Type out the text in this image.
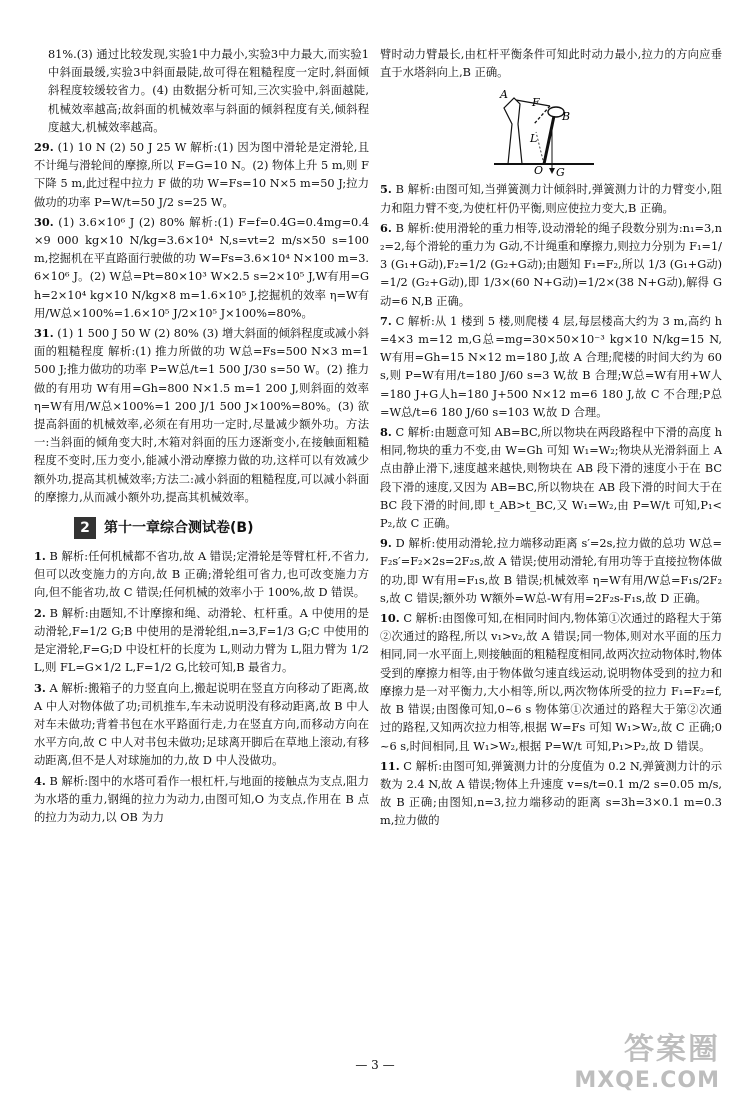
81%.(3) 通过比较发现,实验1中力最小,实验3中力最大,而实验1中斜面最缓,实验3中斜面最陡,故可得在粗糙程度一定时,斜面倾斜程度较缓较省力。(4) 由数据分析可知,三次实验中,斜面越陡,机械效率越高;故斜面的机械效率与斜面的倾斜程度有关,倾斜程度越大,机械效率越高。

29. (1) 10 N (2) 50 J 25 W 解析:(1) 因为图中滑轮是定滑轮,且不计绳与滑轮间的摩擦,所以 F=G=10 N。(2) 物体上升 5 m,则 F 下降 5 m,此过程中拉力 F 做的功 W=Fs=10 N×5 m=50 J;拉力做功的功率 P=W/t=50 J/2 s=25 W。

30. (1) 3.6×10⁶ J (2) 80% 解析:(1) F=f=0.4G=0.4mg=0.4×9 000 kg×10 N/kg=3.6×10⁴ N,s=vt=2 m/s×50 s=100 m,挖掘机在平直路面行驶做的功 W=Fs=3.6×10⁴ N×100 m=3.6×10⁶ J。(2) W总=Pt=80×10³ W×2.5 s=2×10⁵ J,W有用=Gh=2×10⁴ kg×10 N/kg×8 m=1.6×10⁵ J,挖掘机的效率 η=W有用/W总×100%=1.6×10⁵ J/2×10⁵ J×100%=80%。

31. (1) 1 500 J 50 W (2) 80% (3) 增大斜面的倾斜程度或减小斜面的粗糙程度 解析:(1) 推力所做的功 W总=Fs=500 N×3 m=1 500 J;推力做功的功率 P=W总/t=1 500 J/30 s=50 W。(2) 推力做的有用功 W有用=Gh=800 N×1.5 m=1 200 J,则斜面的效率 η=W有用/W总×100%=1 200 J/1 500 J×100%=80%。(3) 欲提高斜面的机械效率,必须在有用功一定时,尽量减少额外功。方法一:当斜面的倾角变大时,木箱对斜面的压力逐渐变小,在接触面粗糙程度不变时,压力变小,能减小滑动摩擦力做的功,这样可以有效减少额外功,提高其机械效率;方法二:减小斜面的粗糙程度,可以减小斜面的摩擦力,从而减小额外功,提高其机械效率。

2	第十一章综合测试卷(B)

1. B 解析:任何机械都不省功,故 A 错误;定滑轮是等臂杠杆,不省力,但可以改变施力的方向,故 B 正确;滑轮组可省力,也可改变施力方向,但不能省功,故 C 错误;任何机械的效率小于 100%,故 D 错误。

2. B 解析:由题知,不计摩擦和绳、动滑轮、杠杆重。A 中使用的是动滑轮,F=1/2 G;B 中使用的是滑轮组,n=3,F=1/3 G;C 中使用的是定滑轮,F=G;D 中设杠杆的长度为 L,则动力臂为 L,阻力臂为 1/2 L,则 FL=G×1/2 L,F=1/2 G,比较可知,B 最省力。

3. A 解析:搬箱子的力竖直向上,搬起说明在竖直方向移动了距离,故 A 中人对物体做了功;司机推车,车未动说明没有移动距离,故 B 中人对车未做功;背着书包在水平路面行走,力在竖直方向,而移动方向在水平方向,故 C 中人对书包未做功;足球离开脚后在草地上滚动,有移动距离,但不是人对球施加的力,故 D 中人没做功。

4. B 解析:图中的水塔可看作一根杠杆,与地面的接触点为支点,阻力为水塔的重力,钢绳的拉力为动力,由图可知,O 为支点,作用在 B 点的拉力为动力,以 OB 为力

臂时动力臂最长,由杠杆平衡条件可知此时动力最小,拉力的方向应垂直于水塔斜向上,B 正确。

A
F
L
B
O G

5. B 解析:由图可知,当弹簧测力计倾斜时,弹簧测力计的力臂变小,阻力和阻力臂不变,为使杠杆仍平衡,则应使拉力变大,B 正确。

6. B 解析:使用滑轮的重力相等,设动滑轮的绳子段数分别为:n₁=3,n₂=2,每个滑轮的重力为 G动,不计绳重和摩擦力,则拉力分别为 F₁=1/3 (G₁+G动),F₂=1/2 (G₂+G动);由题知 F₁=F₂,所以 1/3 (G₁+G动)=1/2 (G₂+G动),即 1/3×(60 N+G动)=1/2×(38 N+G动),解得 G动=6 N,B 正确。

7. C 解析:从 1 楼到 5 楼,则爬楼 4 层,每层楼高大约为 3 m,高约 h=4×3 m=12 m,G总=mg=30×50×10⁻³ kg×10 N/kg=15 N,W有用=Gh=15 N×12 m=180 J,故 A 合理;爬楼的时间大约为 60 s,则 P=W有用/t=180 J/60 s=3 W,故 B 合理;W总=W有用+W人=180 J+G人h=180 J+500 N×12 m=6 180 J,故 C 不合理;P总=W总/t=6 180 J/60 s=103 W,故 D 合理。

8. C 解析:由题意可知 AB=BC,所以物块在两段路程中下滑的高度 h 相同,物块的重力不变,由 W=Gh 可知 W₁=W₂;物块从光滑斜面上 A 点由静止滑下,速度越来越快,则物块在 AB 段下滑的速度小于在 BC 段下滑的速度,又因为 AB=BC,所以物块在 AB 段下滑的时间大于在 BC 段下滑的时间,即 t_AB>t_BC,又 W₁=W₂,由 P=W/t 可知,P₁<P₂,故 C 正确。

9. D 解析:使用动滑轮,拉力端移动距离 s′=2s,拉力做的总功 W总=F₂s′=F₂×2s=2F₂s,故 A 错误;使用动滑轮,有用功等于直接拉物体做的功,即 W有用=F₁s,故 B 错误;机械效率 η=W有用/W总=F₁s/2F₂s,故 C 错误;额外功 W额外=W总-W有用=2F₂s-F₁s,故 D 正确。

10. C 解析:由图像可知,在相同时间内,物体第①次通过的路程大于第②次通过的路程,所以 v₁>v₂,故 A 错误;同一物体,则对水平面的压力相同,同一水平面上,则接触面的粗糙程度相同,故两次拉动物体时,物体受到的摩擦力相等,由于物体做匀速直线运动,说明物体受到的拉力和摩擦力是一对平衡力,大小相等,所以,两次物体所受的拉力 F₁=F₂=f,故 B 错误;由图像可知,0~6 s 物体第①次通过的路程大于第②次通过的路程,又知两次拉力相等,根据 W=Fs 可知 W₁>W₂,故 C 正确;0~6 s,时间相同,且 W₁>W₂,根据 P=W/t 可知,P₁>P₂,故 D 错误。

11. C 解析:由图可知,弹簧测力计的分度值为 0.2 N,弹簧测力计的示数为 2.4 N,故 A 错误;物体上升速度 v=s/t=0.1 m/2 s=0.05 m/s,故 B 正确;由图知,n=3,拉力端移动的距离 s=3h=3×0.1 m=0.3 m,拉力做的

— 3 —	答案圈
MXQE.COM
